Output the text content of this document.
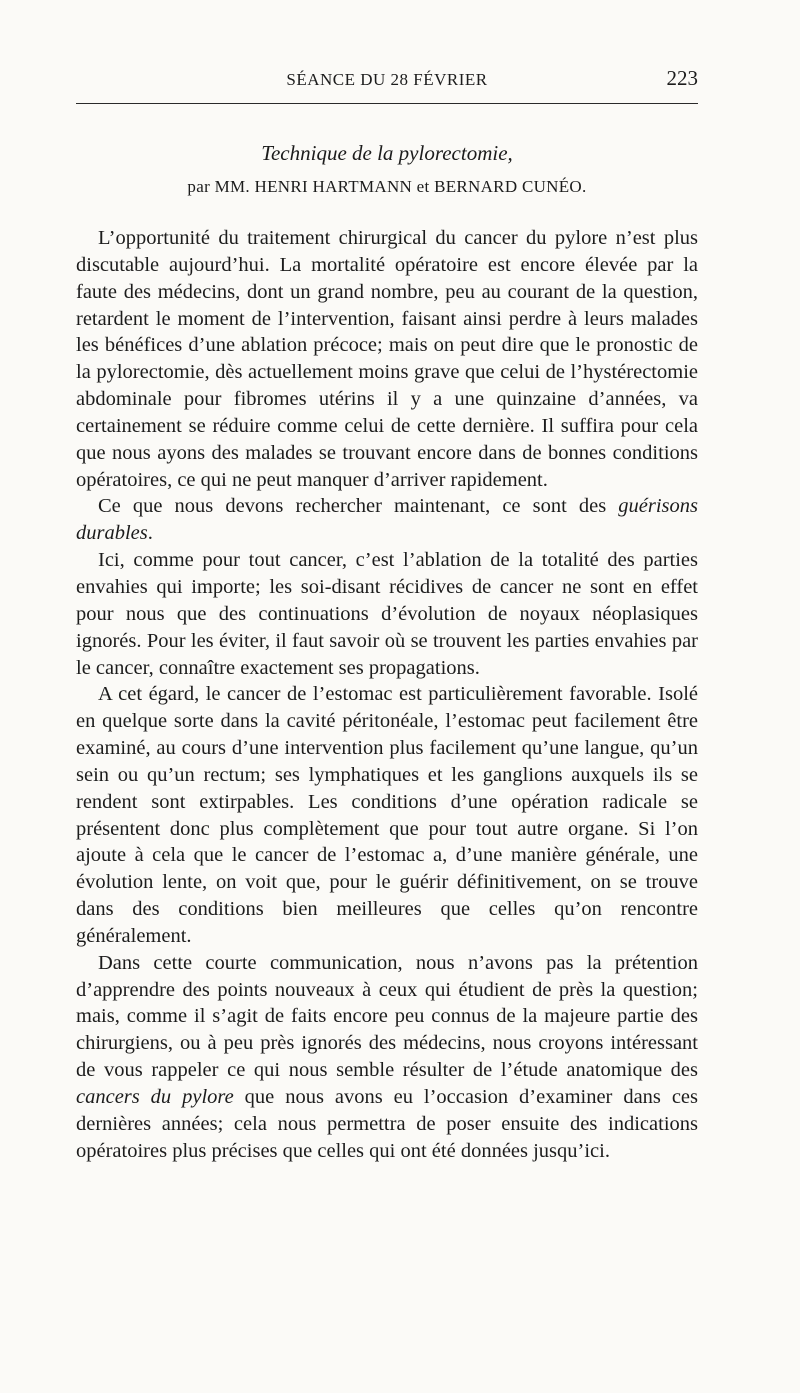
SÉANCE DU 28 FÉVRIER	223
Technique de la pylorectomie,
par MM. HENRI HARTMANN et BERNARD CUNÉO.

L’opportunité du traitement chirurgical du cancer du pylore n’est plus discutable aujourd’hui. La mortalité opératoire est encore élevée par la faute des médecins, dont un grand nombre, peu au courant de la question, retardent le moment de l’intervention, faisant ainsi perdre à leurs malades les bénéfices d’une ablation précoce; mais on peut dire que le pronostic de la pylorectomie, dès actuellement moins grave que celui de l’hystérectomie abdominale pour fibromes utérins il y a une quinzaine d’années, va certainement se réduire comme celui de cette dernière. Il suffira pour cela que nous ayons des malades se trouvant encore dans de bonnes conditions opératoires, ce qui ne peut manquer d’arriver rapidement.

Ce que nous devons rechercher maintenant, ce sont des guérisons durables.

Ici, comme pour tout cancer, c’est l’ablation de la totalité des parties envahies qui importe; les soi-disant récidives de cancer ne sont en effet pour nous que des continuations d’évolution de noyaux néoplasiques ignorés. Pour les éviter, il faut savoir où se trouvent les parties envahies par le cancer, connaître exactement ses propagations.

A cet égard, le cancer de l’estomac est particulièrement favorable. Isolé en quelque sorte dans la cavité péritonéale, l’estomac peut facilement être examiné, au cours d’une intervention plus facilement qu’une langue, qu’un sein ou qu’un rectum; ses lymphatiques et les ganglions auxquels ils se rendent sont extirpables. Les conditions d’une opération radicale se présentent donc plus complètement que pour tout autre organe. Si l’on ajoute à cela que le cancer de l’estomac a, d’une manière générale, une évolution lente, on voit que, pour le guérir définitivement, on se trouve dans des conditions bien meilleures que celles qu’on rencontre généralement.

Dans cette courte communication, nous n’avons pas la prétention d’apprendre des points nouveaux à ceux qui étudient de près la question; mais, comme il s’agit de faits encore peu connus de la majeure partie des chirurgiens, ou à peu près ignorés des médecins, nous croyons intéressant de vous rappeler ce qui nous semble résulter de l’étude anatomique des cancers du pylore que nous avons eu l’occasion d’examiner dans ces dernières années; cela nous permettra de poser ensuite des indications opératoires plus précises que celles qui ont été données jusqu’ici.
